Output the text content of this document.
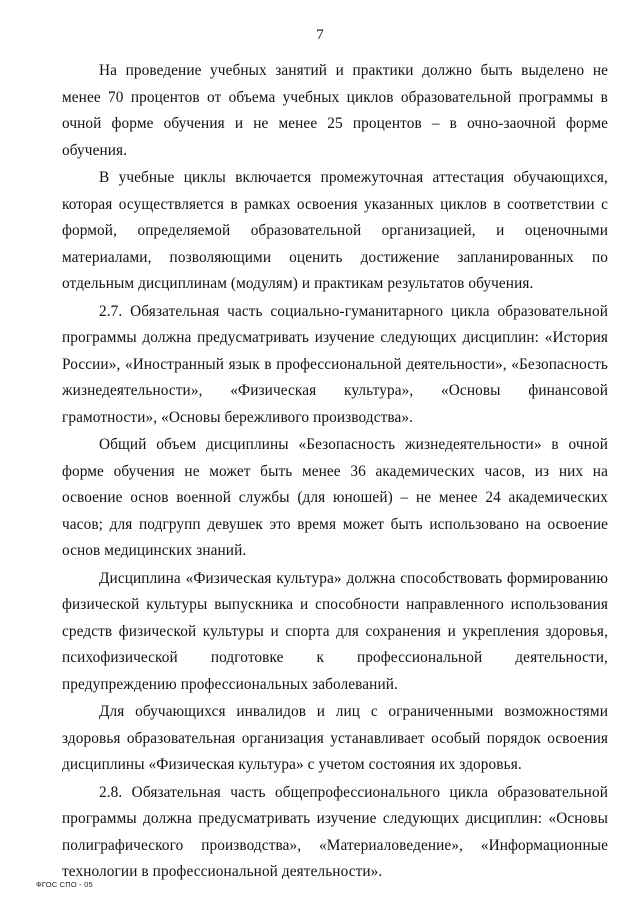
7

На проведение учебных занятий и практики должно быть выделено не менее 70 процентов от объема учебных циклов образовательной программы в очной форме обучения и не менее 25 процентов – в очно-заочной форме обучения.

В учебные циклы включается промежуточная аттестация обучающихся, которая осуществляется в рамках освоения указанных циклов в соответствии с формой, определяемой образовательной организацией, и оценочными материалами, позволяющими оценить достижение запланированных по отдельным дисциплинам (модулям) и практикам результатов обучения.

2.7. Обязательная часть социально-гуманитарного цикла образовательной программы должна предусматривать изучение следующих дисциплин: «История России», «Иностранный язык в профессиональной деятельности», «Безопасность жизнедеятельности», «Физическая культура», «Основы финансовой грамотности», «Основы бережливого производства».

Общий объем дисциплины «Безопасность жизнедеятельности» в очной форме обучения не может быть менее 36 академических часов, из них на освоение основ военной службы (для юношей) – не менее 24 академических часов; для подгрупп девушек это время может быть использовано на освоение основ медицинских знаний.

Дисциплина «Физическая культура» должна способствовать формированию физической культуры выпускника и способности направленного использования средств физической культуры и спорта для сохранения и укрепления здоровья, психофизической подготовке к профессиональной деятельности, предупреждению профессиональных заболеваний.

Для обучающихся инвалидов и лиц с ограниченными возможностями здоровья образовательная организация устанавливает особый порядок освоения дисциплины «Физическая культура» с учетом состояния их здоровья.

2.8. Обязательная часть общепрофессионального цикла образовательной программы должна предусматривать изучение следующих дисциплин: «Основы полиграфического производства», «Материаловедение», «Информационные технологии в профессиональной деятельности».

ФГОС СПО - 05
